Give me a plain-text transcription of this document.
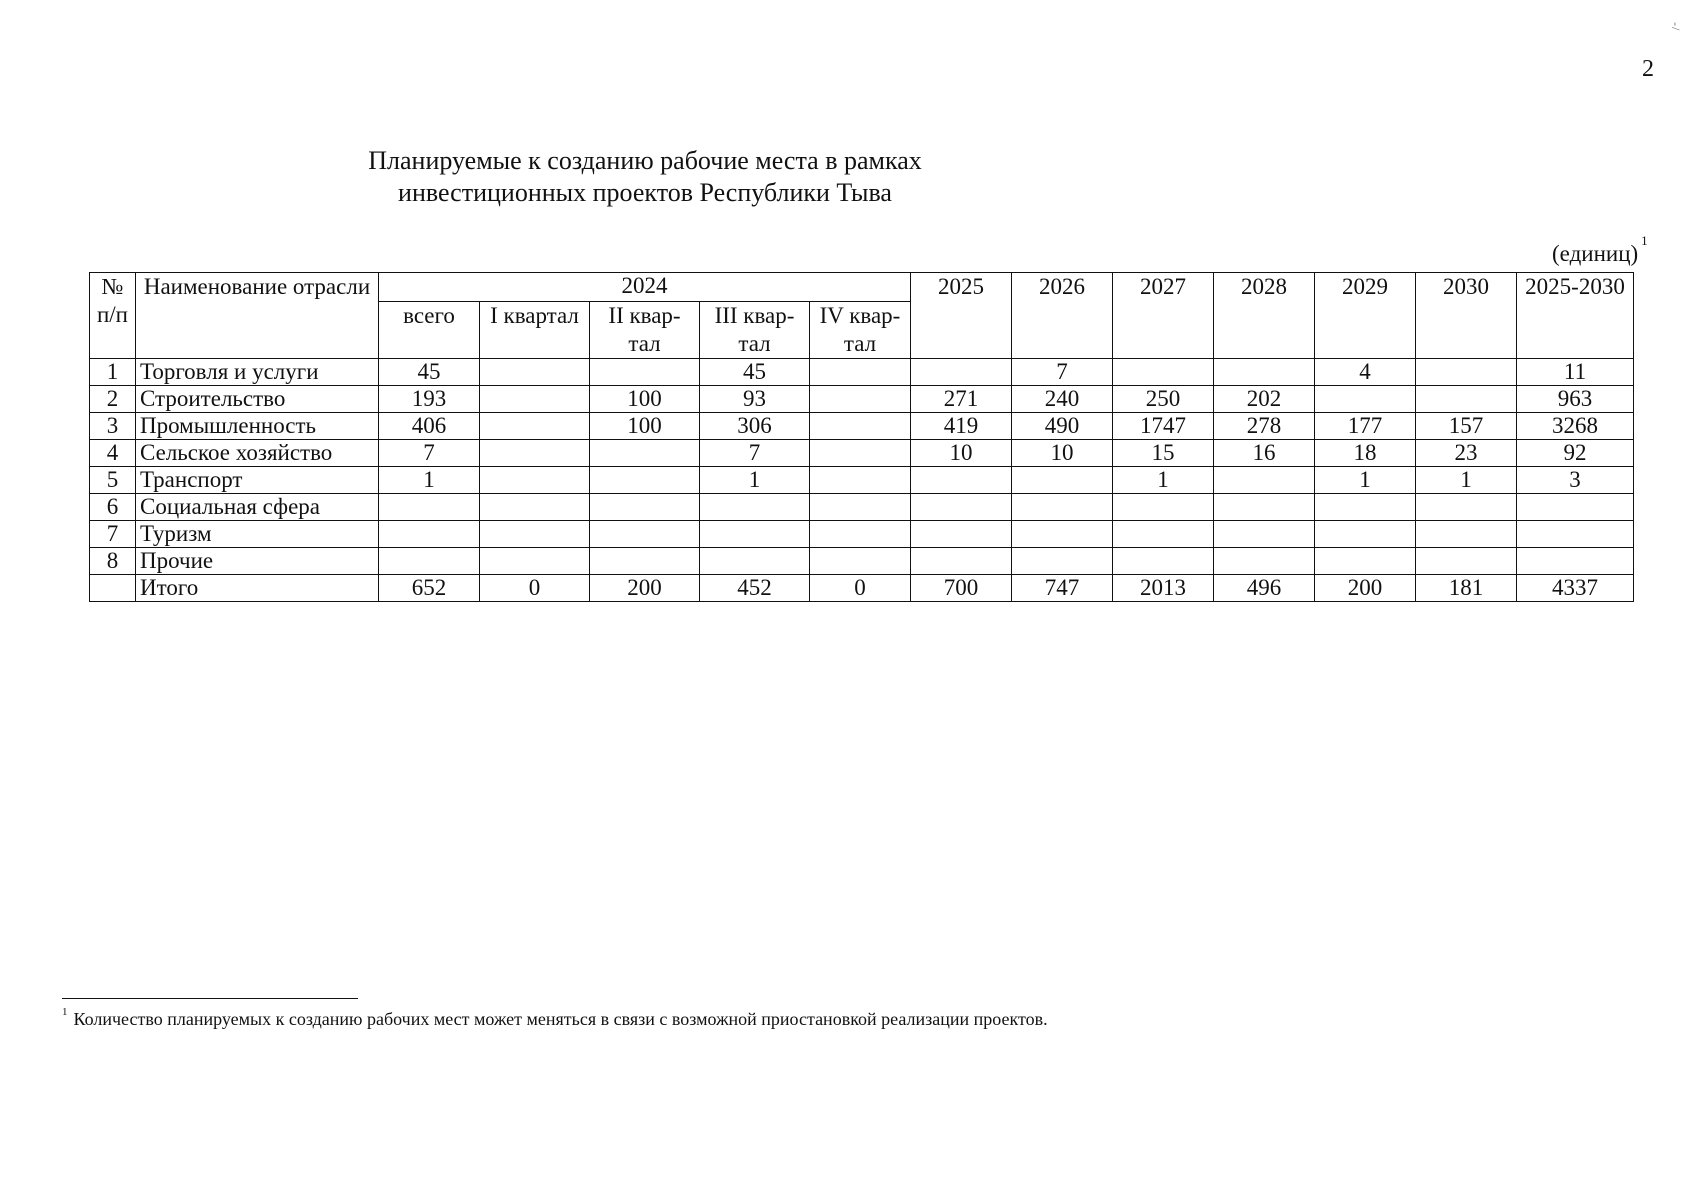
-/
2
Планируемые к созданию рабочие места в рамках
инвестиционных проектов Республики Тыва
(единиц)$^1$
№ п/п	Наименование отрасли	2024					2025	2026	2027	2028	2029	2030	2025-2030
		всего	I квартал	II квар-тал	III квар-тал	IV квар-тал							
1	Торговля и услуги	45			45			7			4		11
2	Строительство	193		100	93		271	240	250	202			963
3	Промышленность	406		100	306		419	490	1747	278	177	157	3268
4	Сельское хозяйство	7			7		10	10	15	16	18	23	92
5	Транспорт	1			1				1		1	1	3
6	Социальная сфера												
7	Туризм												
8	Прочие												
	Итого	652	0	200	452	0	700	747	2013	496	200	181	4337
$^1$ Количество планируемых к созданию рабочих мест может меняться в связи с возможной приостановкой реализации проектов.
